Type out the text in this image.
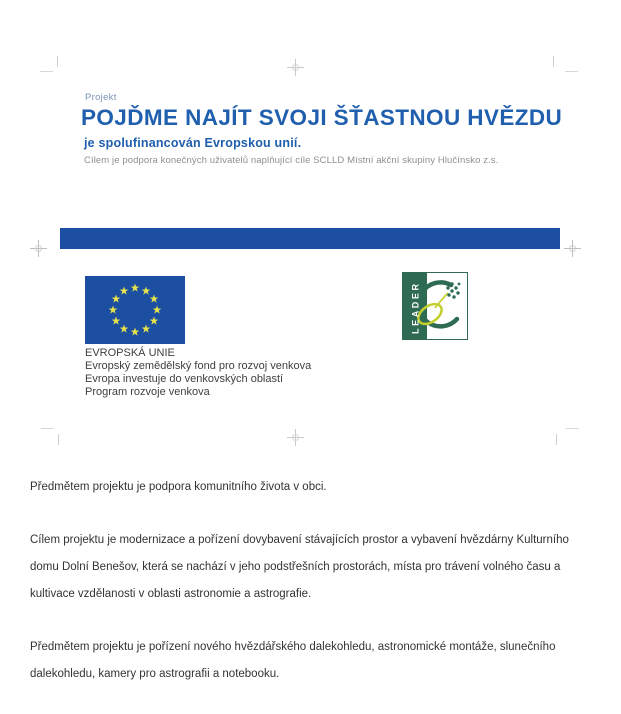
Projekt
POJĎME NAJÍT SVOJI ŠŤASTNOU HVĚZDU
je spolufinancován Evropskou unií.
Cílem je podpora konečných uživatelů naplňující cíle SCLLD Místní akční skupiny Hlučínsko z.s.
EVROPSKÁ UNIE
Evropský zemědělský fond pro rozvoj venkova
Evropa investuje do venkovských oblastí
Program rozvoje venkova
LEADER

Předmětem projektu je podpora komunitního života v obci.

Cílem projektu je modernizace a pořízení dovybavení stávajících prostor a vybavení hvězdárny Kulturního domu Dolní Benešov, která se nachází v jeho podstřešních prostorách, místa pro trávení volného času a kultivace vzdělanosti v oblasti astronomie a astrografie.

Předmětem projektu je pořízení nového hvězdářského dalekohledu, astronomické montáže, slunečního dalekohledu, kamery pro astrografii a notebooku.
